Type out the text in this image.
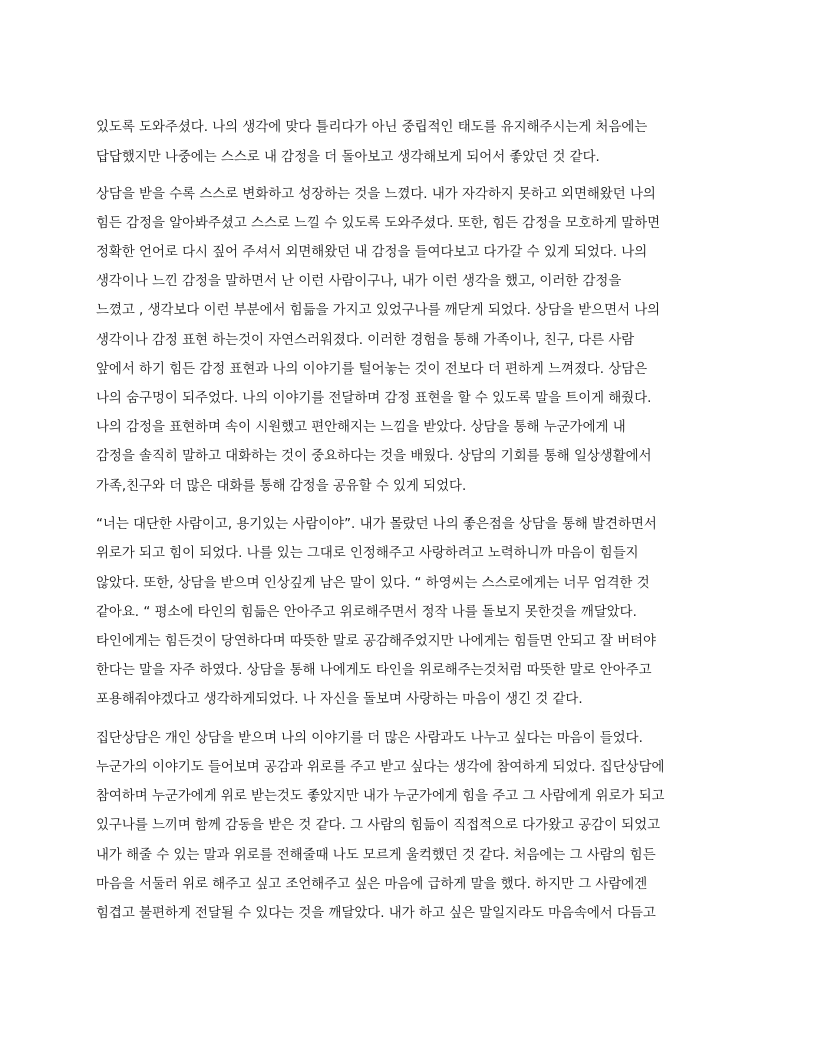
있도록 도와주셨다. 나의 생각에 맞다 틀리다가 아닌 중립적인 태도를 유지해주시는게 처음에는
답답했지만 나중에는 스스로 내 감정을 더 돌아보고 생각해보게 되어서 좋았던 것 같다.
상담을 받을 수록 스스로 변화하고 성장하는 것을 느꼈다. 내가 자각하지 못하고 외면해왔던 나의
힘든 감정을 알아봐주셨고 스스로 느낄 수 있도록 도와주셨다. 또한, 힘든 감정을 모호하게 말하면
정확한 언어로 다시 짚어 주셔서 외면해왔던 내 감정을 들여다보고 다가갈 수 있게 되었다. 나의
생각이나 느낀 감정을 말하면서 난 이런 사람이구나, 내가 이런 생각을 했고, 이러한 감정을
느꼈고 , 생각보다 이런 부분에서 힘듦을 가지고 있었구나를 깨닫게 되었다. 상담을 받으면서 나의
생각이나 감정 표현 하는것이 자연스러워졌다. 이러한 경험을 통해 가족이나, 친구, 다른 사람
앞에서 하기 힘든 감정 표현과 나의 이야기를 털어놓는 것이 전보다 더 편하게 느껴졌다. 상담은
나의 숨구멍이 되주었다. 나의 이야기를 전달하며 감정 표현을 할 수 있도록 말을 트이게 해줬다.
나의 감정을 표현하며 속이 시원했고 편안해지는 느낌을 받았다. 상담을 통해 누군가에게 내
감정을 솔직히 말하고 대화하는 것이 중요하다는 것을 배웠다. 상담의 기회를 통해 일상생활에서
가족,친구와 더 많은 대화를 통해 감정을 공유할 수 있게 되었다.
“너는 대단한 사람이고, 용기있는 사람이야”. 내가 몰랐던 나의 좋은점을 상담을 통해 발견하면서
위로가 되고 힘이 되었다. 나를 있는 그대로 인정해주고 사랑하려고 노력하니까 마음이 힘들지
않았다. 또한, 상담을 받으며 인상깊게 남은 말이 있다. “ 하영씨는 스스로에게는 너무 엄격한 것
같아요. “ 평소에 타인의 힘듦은 안아주고 위로해주면서 정작 나를 돌보지 못한것을 깨달았다.
타인에게는 힘든것이 당연하다며 따뜻한 말로 공감해주었지만 나에게는 힘들면 안되고 잘 버텨야
한다는 말을 자주 하였다. 상담을 통해 나에게도 타인을 위로해주는것처럼 따뜻한 말로 안아주고
포용해줘야겠다고 생각하게되었다. 나 자신을 돌보며 사랑하는 마음이 생긴 것 같다.
집단상담은 개인 상담을 받으며 나의 이야기를 더 많은 사람과도 나누고 싶다는 마음이 들었다.
누군가의 이야기도 들어보며 공감과 위로를 주고 받고 싶다는 생각에 참여하게 되었다. 집단상담에
참여하며 누군가에게 위로 받는것도 좋았지만 내가 누군가에게 힘을 주고 그 사람에게 위로가 되고
있구나를 느끼며 함께 감동을 받은 것 같다. 그 사람의 힘듦이 직접적으로 다가왔고 공감이 되었고
내가 해줄 수 있는 말과 위로를 전해줄때 나도 모르게 울컥했던 것 같다. 처음에는 그 사람의 힘든
마음을 서둘러 위로 해주고 싶고 조언해주고 싶은 마음에 급하게 말을 했다. 하지만 그 사람에겐
힘겹고 불편하게 전달될 수 있다는 것을 깨달았다. 내가 하고 싶은 말일지라도 마음속에서 다듬고
